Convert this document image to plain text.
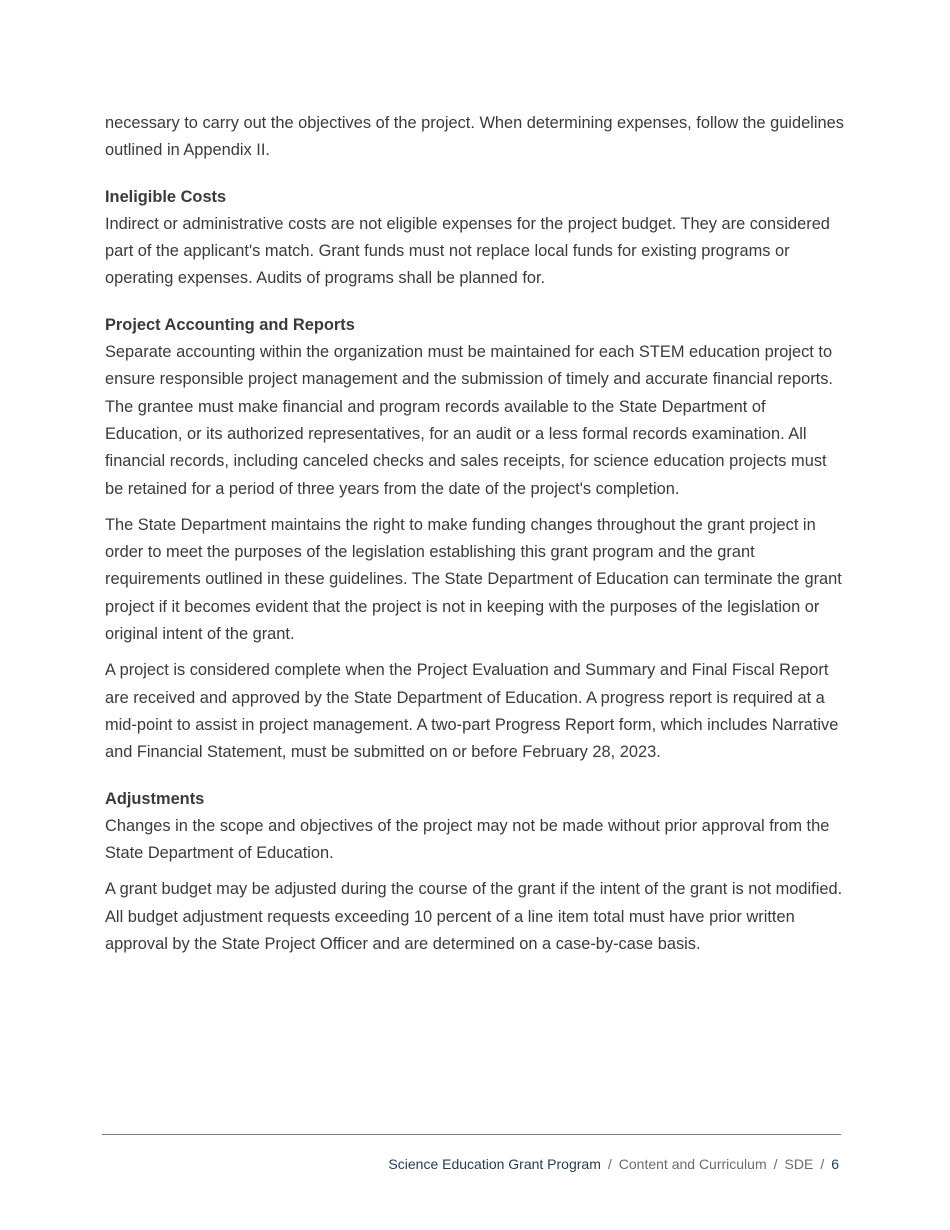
necessary to carry out the objectives of the project. When determining expenses, follow the guidelines outlined in Appendix II.

Ineligible Costs
Indirect or administrative costs are not eligible expenses for the project budget. They are considered part of the applicant's match. Grant funds must not replace local funds for existing programs or operating expenses. Audits of programs shall be planned for.

Project Accounting and Reports
Separate accounting within the organization must be maintained for each STEM education project to ensure responsible project management and the submission of timely and accurate financial reports. The grantee must make financial and program records available to the State Department of Education, or its authorized representatives, for an audit or a less formal records examination. All financial records, including canceled checks and sales receipts, for science education projects must be retained for a period of three years from the date of the project's completion.

The State Department maintains the right to make funding changes throughout the grant project in order to meet the purposes of the legislation establishing this grant program and the grant requirements outlined in these guidelines. The State Department of Education can terminate the grant project if it becomes evident that the project is not in keeping with the purposes of the legislation or original intent of the grant.

A project is considered complete when the Project Evaluation and Summary and Final Fiscal Report are received and approved by the State Department of Education. A progress report is required at a mid-point to assist in project management. A two-part Progress Report form, which includes Narrative and Financial Statement, must be submitted on or before February 28, 2023.

Adjustments
Changes in the scope and objectives of the project may not be made without prior approval from the State Department of Education.

A grant budget may be adjusted during the course of the grant if the intent of the grant is not modified. All budget adjustment requests exceeding 10 percent of a line item total must have prior written approval by the State Project Officer and are determined on a case-by-case basis.

Science Education Grant Program / Content and Curriculum / SDE / 6
